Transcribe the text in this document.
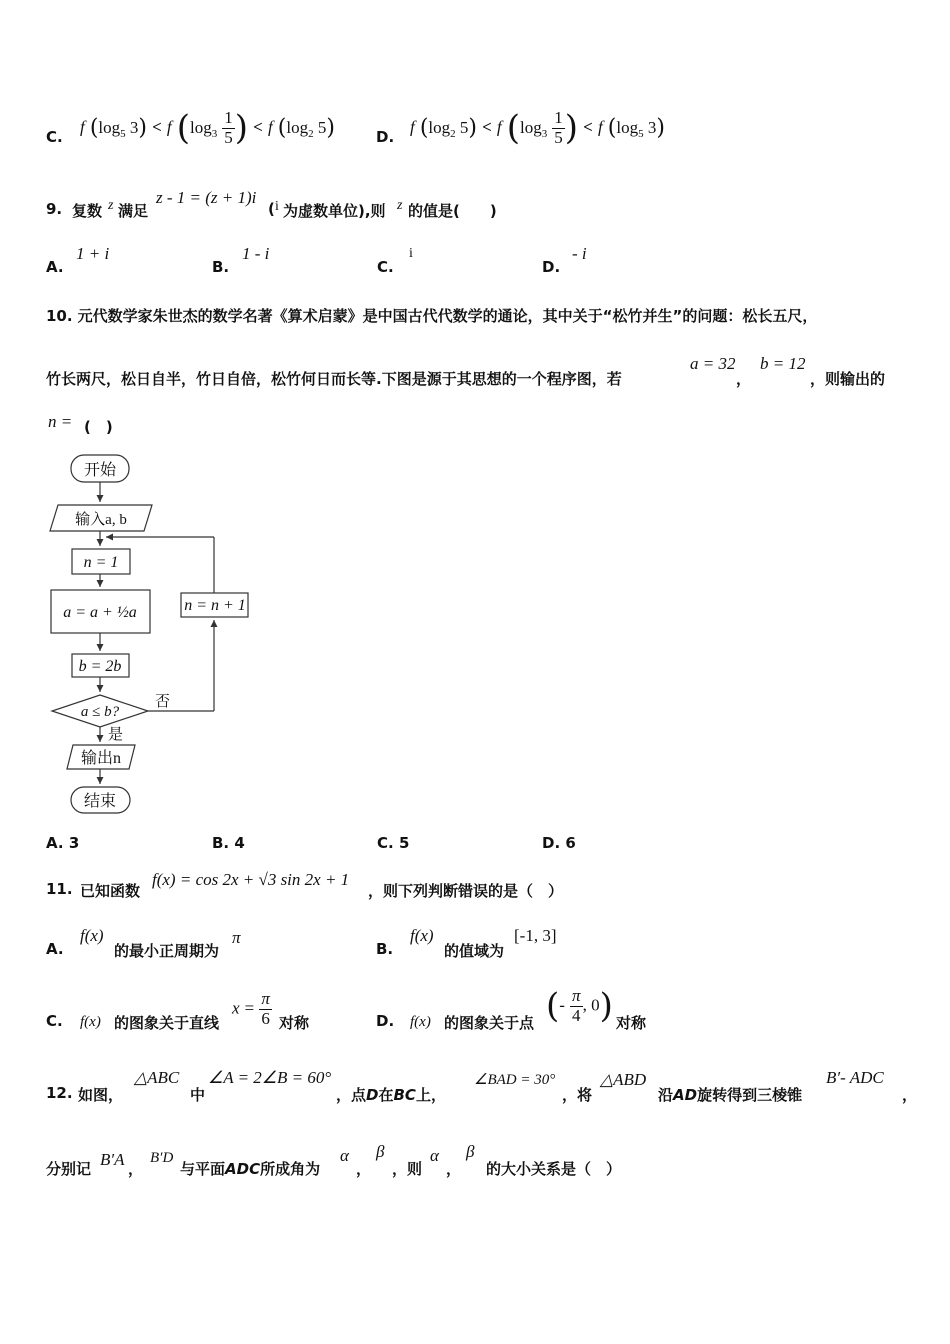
C.
f ($\log_5$ 3) < f ($\log_3 \frac{1}{5}$ ) < f ($\log_2$ 5)	D.
f ($\log_2$ 5) < f ($\log_3 \frac{1}{5}$ ) < f ($\log_5$ 3)
9. 复数 z 满足
z - 1 = (z + 1)i
( i 为虚数单位),则 z 的值是(　　)
A.
1 + i
B.
1 - i
C.
i
D.
- i
10. 元代数学家朱世杰的数学名著《算术启蒙》是中国古代代数学的通论，其中关于“松竹并生”的问题：松长五尺，
竹长两尺，松日自半，竹日自倍，松竹何日而长等.下图是源于其思想的一个程序图，若
a = 32
，
b = 12
，则输出的
n = (　)
开始
输入a, b
n = 1
a = a + ½a
b = 2b
a ≤ b?
否
是
n = n + 1
输出n
结束
A. 3	B. 4	C. 5	D. 6
11. 已知函数
f(x) = cos 2x + √3 sin 2x + 1
，则下列判断错误的是（　）
A.
f(x)
的最小正周期为
π
B.
f(x)
的值域为
[-1, 3]
C. f(x) 的图象关于直线
$x = \frac{\pi}{6}$ 对称	D. f(x) 的图象关于点 (- $\frac{\pi}{4}$ , 0) 对称
12. 如图，
△ABC
中
∠A = 2∠B = 60°
，点D在BC上，
∠BAD = 30°
，将
△ABD
沿AD旋转得到三棱锥
B′- ADC
，
分别记 B′A ，
B′D
与平面ADC所成角为
α
，
β
，则
α
，
β
的大小关系是（　）
